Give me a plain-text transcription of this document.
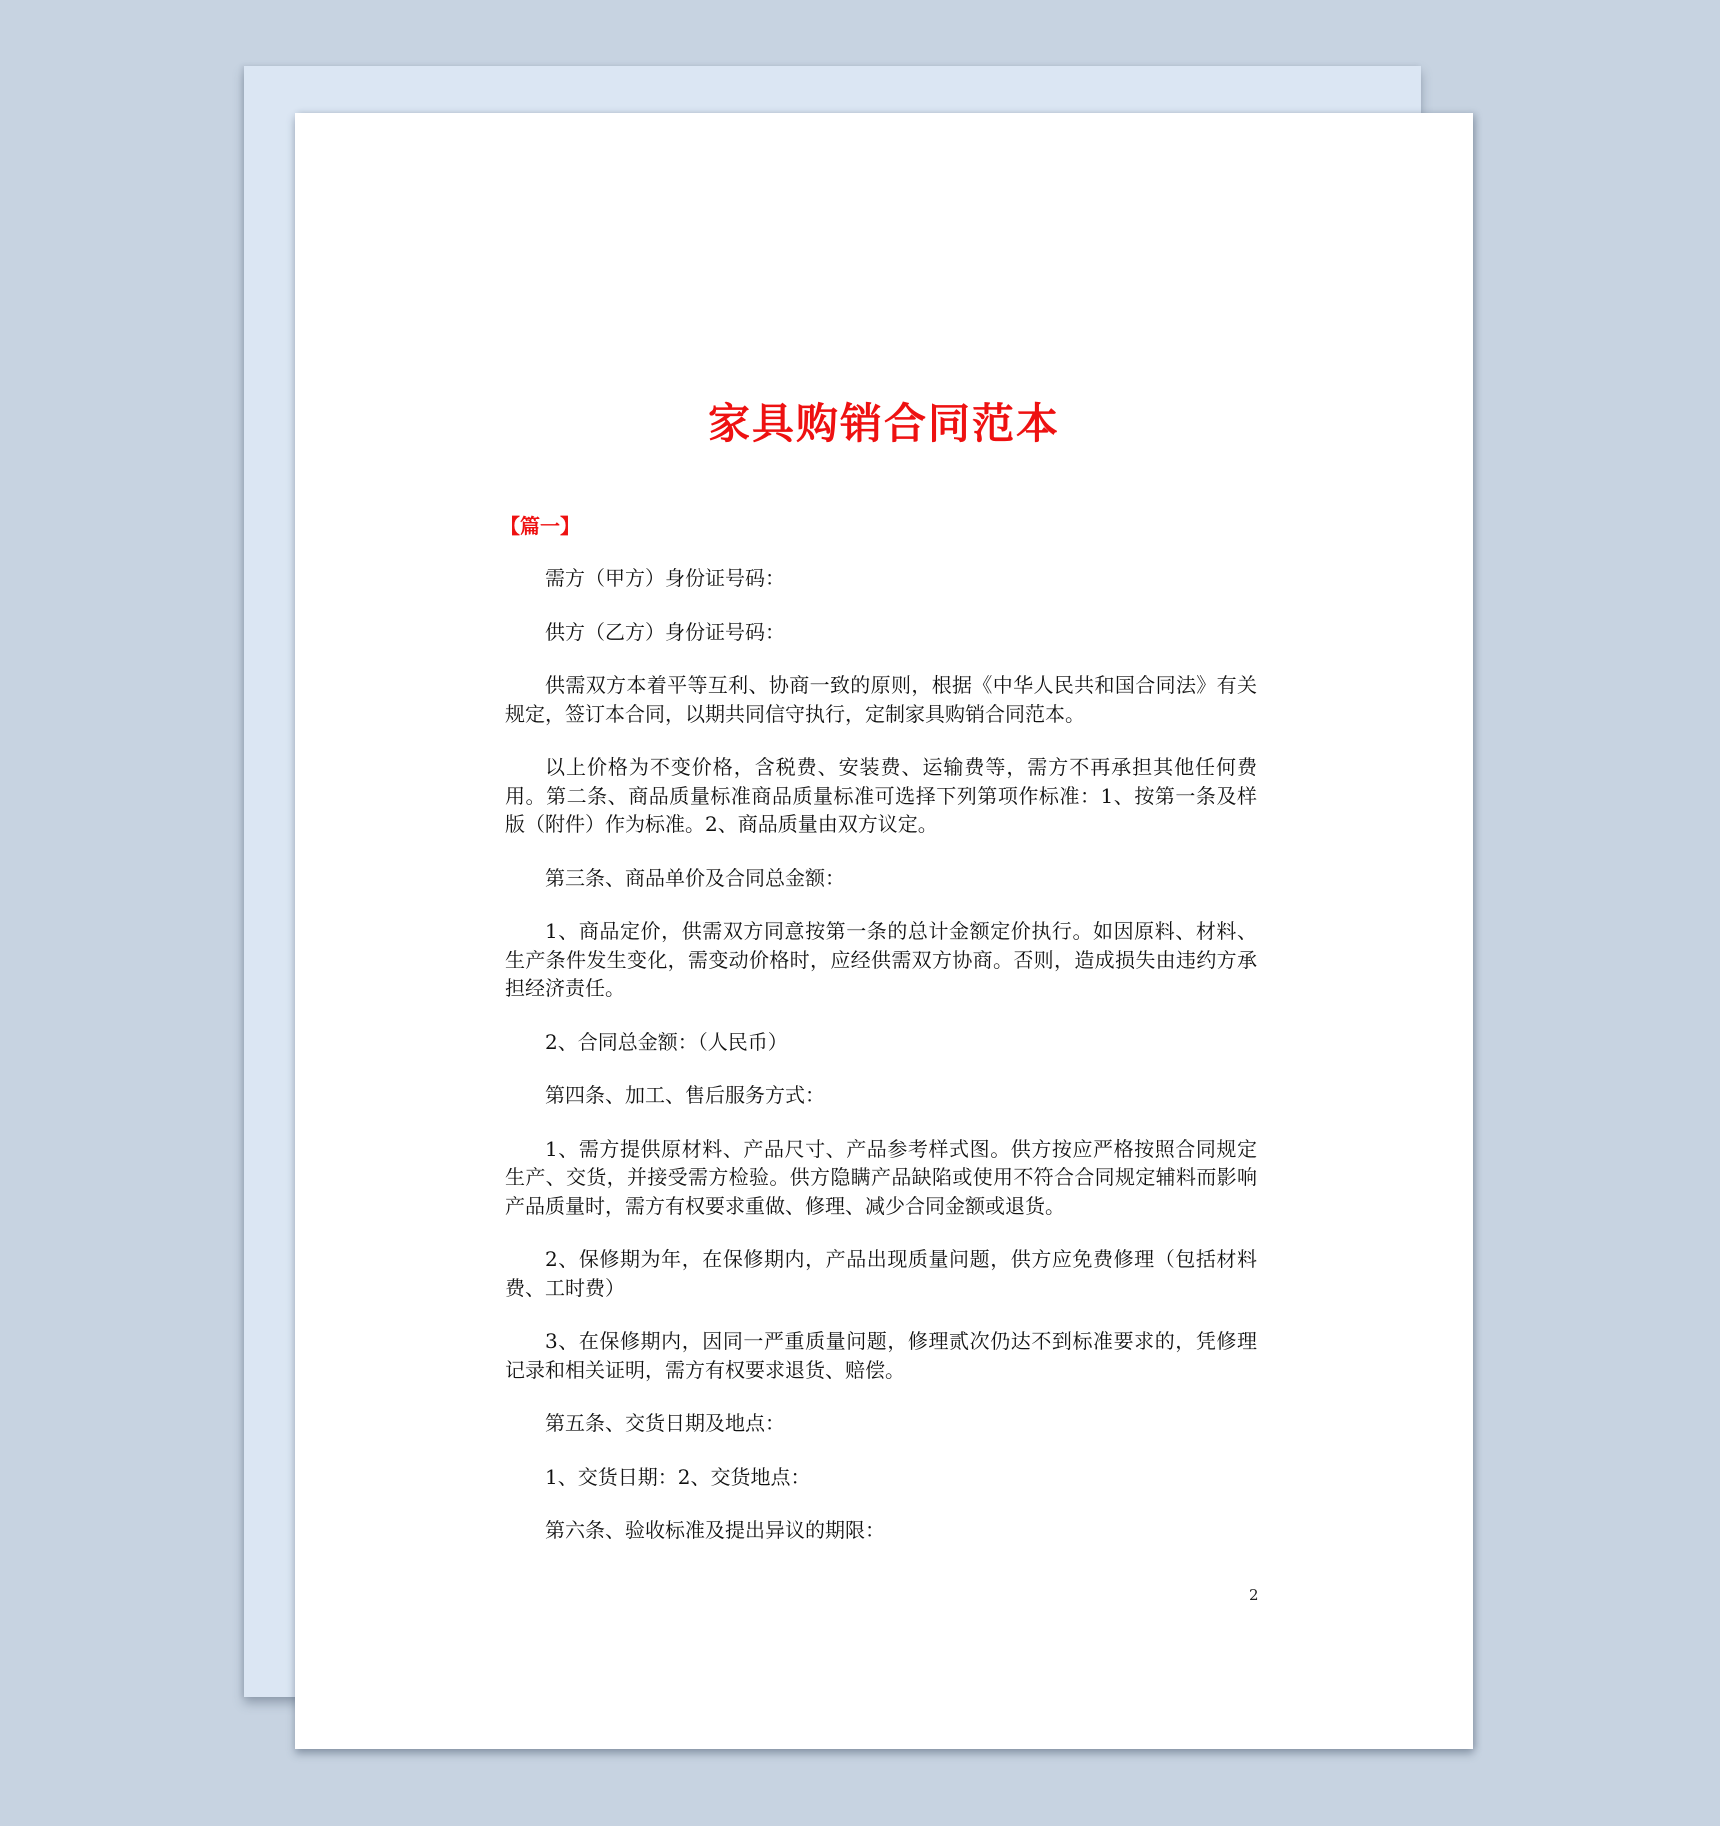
家具购销合同范本
【篇一】

需方（甲方）身份证号码：

供方（乙方）身份证号码：

供需双方本着平等互利、协商一致的原则，根据《中华人民共和国合同法》有关规定，签订本合同，以期共同信守执行，定制家具购销合同范本。

以上价格为不变价格，含税费、安装费、运输费等，需方不再承担其他任何费用。第二条、商品质量标准商品质量标准可选择下列第项作标准：1、按第一条及样版（附件）作为标准。2、商品质量由双方议定。

第三条、商品单价及合同总金额：

1、商品定价，供需双方同意按第一条的总计金额定价执行。如因原料、材料、生产条件发生变化，需变动价格时，应经供需双方协商。否则，造成损失由违约方承担经济责任。

2、合同总金额：（人民币）

第四条、加工、售后服务方式：

1、需方提供原材料、产品尺寸、产品参考样式图。供方按应严格按照合同规定生产、交货，并接受需方检验。供方隐瞒产品缺陷或使用不符合合同规定辅料而影响产品质量时，需方有权要求重做、修理、减少合同金额或退货。

2、保修期为年，在保修期内，产品出现质量问题，供方应免费修理（包括材料费、工时费）

3、在保修期内，因同一严重质量问题，修理贰次仍达不到标准要求的，凭修理记录和相关证明，需方有权要求退货、赔偿。

第五条、交货日期及地点：

1、交货日期：2、交货地点：

第六条、验收标准及提出异议的期限：

2
